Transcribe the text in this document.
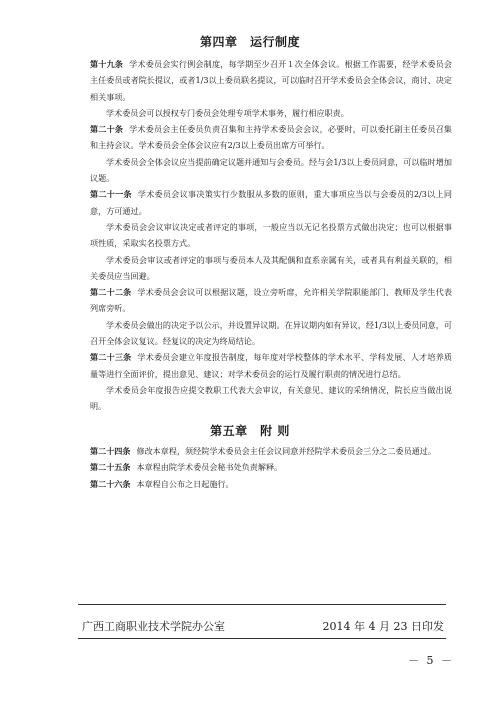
第四章　运行制度

第十九条 学术委员会实行例会制度，每学期至少召开１次全体会议。根据工作需要，经学术委员会主任委员或者院长提议，或者1/3以上委员联名提议，可以临时召开学术委员会全体会议，商讨、决定相关事项。

学术委员会可以授权专门委员会处理专项学术事务，履行相应职责。

第二十条 学术委员会主任委员负责召集和主持学术委员会会议，必要时，可以委托副主任委员召集和主持会议。学术委员会全体会议应有2/3以上委员出席方可举行。

学术委员会全体会议应当提前确定议题并通知与会委员。经与会1/3以上委员同意，可以临时增加议题。

第二十一条 学术委员会议事决策实行少数服从多数的原则，重大事项应当以与会委员的2/3以上同意，方可通过。

学术委员会会议审议决定或者评定的事项，一般应当以无记名投票方式做出决定；也可以根据事项性质，采取实名投票方式。

学术委员会审议或者评定的事项与委员本人及其配偶和直系亲属有关，或者具有利益关联的，相关委员应当回避。

第二十二条 学术委员会会议可以根据议题，设立旁听席，允许相关学院职能部门、教师及学生代表列席旁听。

学术委员会做出的决定予以公示，并设置异议期。在异议期内如有异议，经1/3以上委员同意，可召开全体会议复议。经复议的决定为终局结论。

第二十三条 学术委员会建立年度报告制度，每年度对学校整体的学术水平、学科发展、人才培养质量等进行全面评价，提出意见、建议；对学术委员会的运行及履行职责的情况进行总结。

学术委员会年度报告应提交教职工代表大会审议，有关意见、建议的采纳情况，院长应当做出说明。

第五章　附 则

第二十四条 修改本章程，须经院学术委员会主任会议同意并经院学术委员会三分之二委员通过。

第二十五条 本章程由院学术委员会秘书处负责解释。

第二十六条 本章程自公布之日起施行。

广西工商职业技术学院办公室	2014 年 4 月 23 日印发
－ 5 －
